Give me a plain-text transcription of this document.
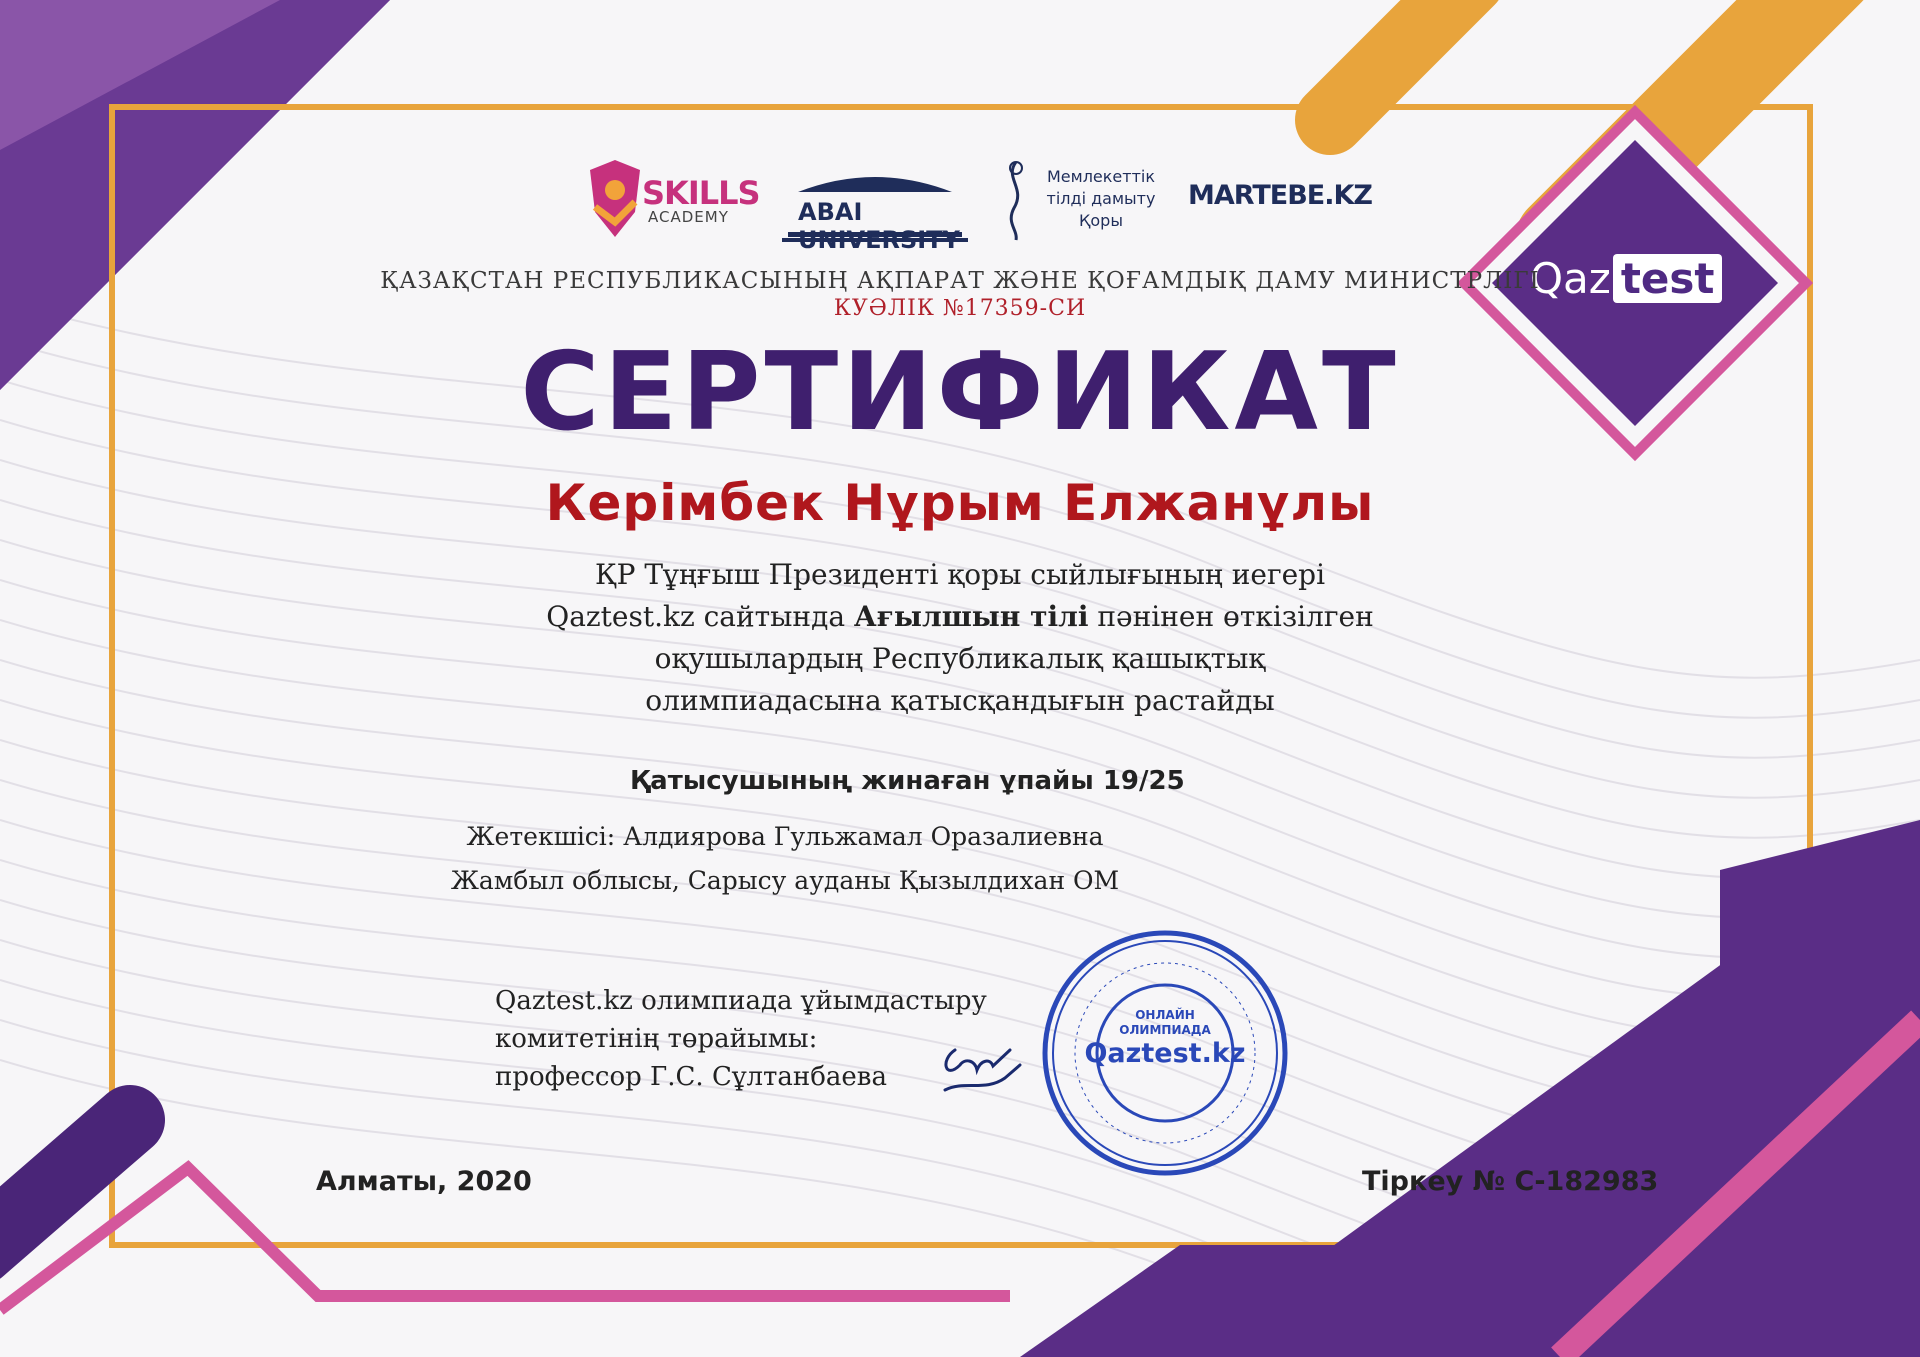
SKILLS
ACADEMY	ABAI UNIVERSITY
Мемлекеттік тілді дамыту Қоры
MARTEBE.KZ
Qaz test
ҚАЗАҚСТАН РЕСПУБЛИКАСЫНЫҢ АҚПАРАТ ЖӘНЕ ҚОҒАМДЫҚ ДАМУ МИНИСТРЛІГІ
КУӘЛІК №17359-СИ
СЕРТИФИКАТ
Керімбек Нұрым Елжанұлы
ҚР Тұңғыш Президенті қоры сыйлығының иегері
Qaztest.kz сайтында Ағылшын тілі пәнінен өткізілген
оқушылардың Республикалық қашықтық
олимпиадасына қатысқандығын растайды
Қатысушының жинаған ұпайы 19/25
Жетекшісі: Алдиярова Гульжамал Оразалиевна
Жамбыл облысы, Сарысу ауданы Қызылдихан ОМ
Qaztest.kz олимпиада ұйымдастыру
комитетінің төрайымы:
профессор Г.С. Сұлтанбаева
ОНЛАЙН
ОЛИМПИАДА
Qaztest.kz
Алматы, 2020	Тіркеу № С-182983
